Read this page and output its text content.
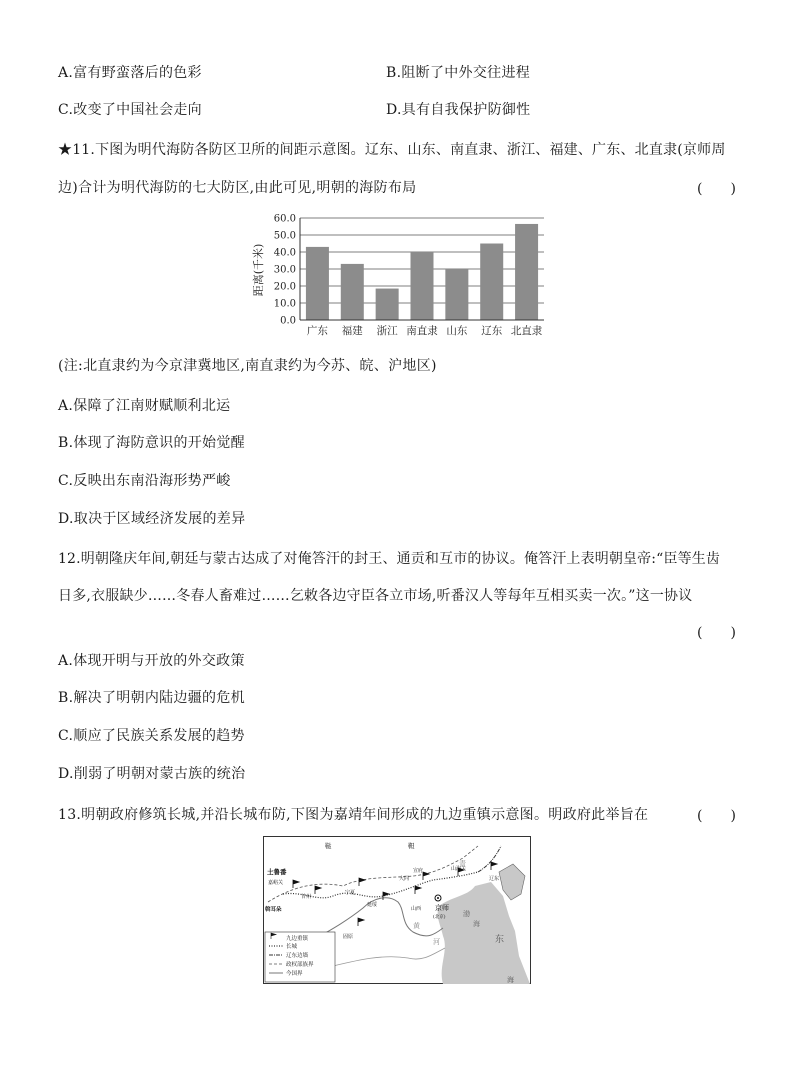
A.富有野蛮落后的色彩	B.阻断了中外交往进程
C.改变了中国社会走向	D.具有自我保护防御性
★11.下图为明代海防各防区卫所的间距示意图。辽东、山东、南直隶、浙江、福建、广东、北直隶(京师周
边)合计为明代海防的七大防区,由此可见,明朝的海防布局	(　　)
0.0
10.0
20.0
30.0
40.0
50.0
60.0
广东 福建 浙江 南直隶 山东 辽东 北直隶
距离(千米)
(注:北直隶约为今京津冀地区,南直隶约为今苏、皖、沪地区)
A.保障了江南财赋顺利北运
B.体现了海防意识的开始觉醒
C.反映出东南沿海形势严峻
D.取决于区域经济发展的差异
12.明朝隆庆年间,朝廷与蒙古达成了对俺答汗的封王、通贡和互市的协议。俺答汗上表明朝皇帝:“臣等生齿
日多,衣服缺少……冬春人畜难过……乞敕各边守臣各立市场,听番汉人等每年互相买卖一次。”这一协议
(　　)
A.体现开明与开放的外交政策
B.解决了明朝内陆边疆的危机
C.顺应了民族关系发展的趋势
D.削弱了明朝对蒙古族的统治
13.明朝政府修筑长城,并沿长城布防,下图为嘉靖年间形成的九边重镇示意图。明政府此举旨在	(　　)
鞑	靼
土鲁番
嘉峪关
甘州
斡耳朵
宁夏
延绥
大同
宣府	山海关
辽东
京师
(北京)
山西
固原
青
渤
海
河	东
海
黄
九边重镇
长城
辽东边墙
政权部族界
今国界
